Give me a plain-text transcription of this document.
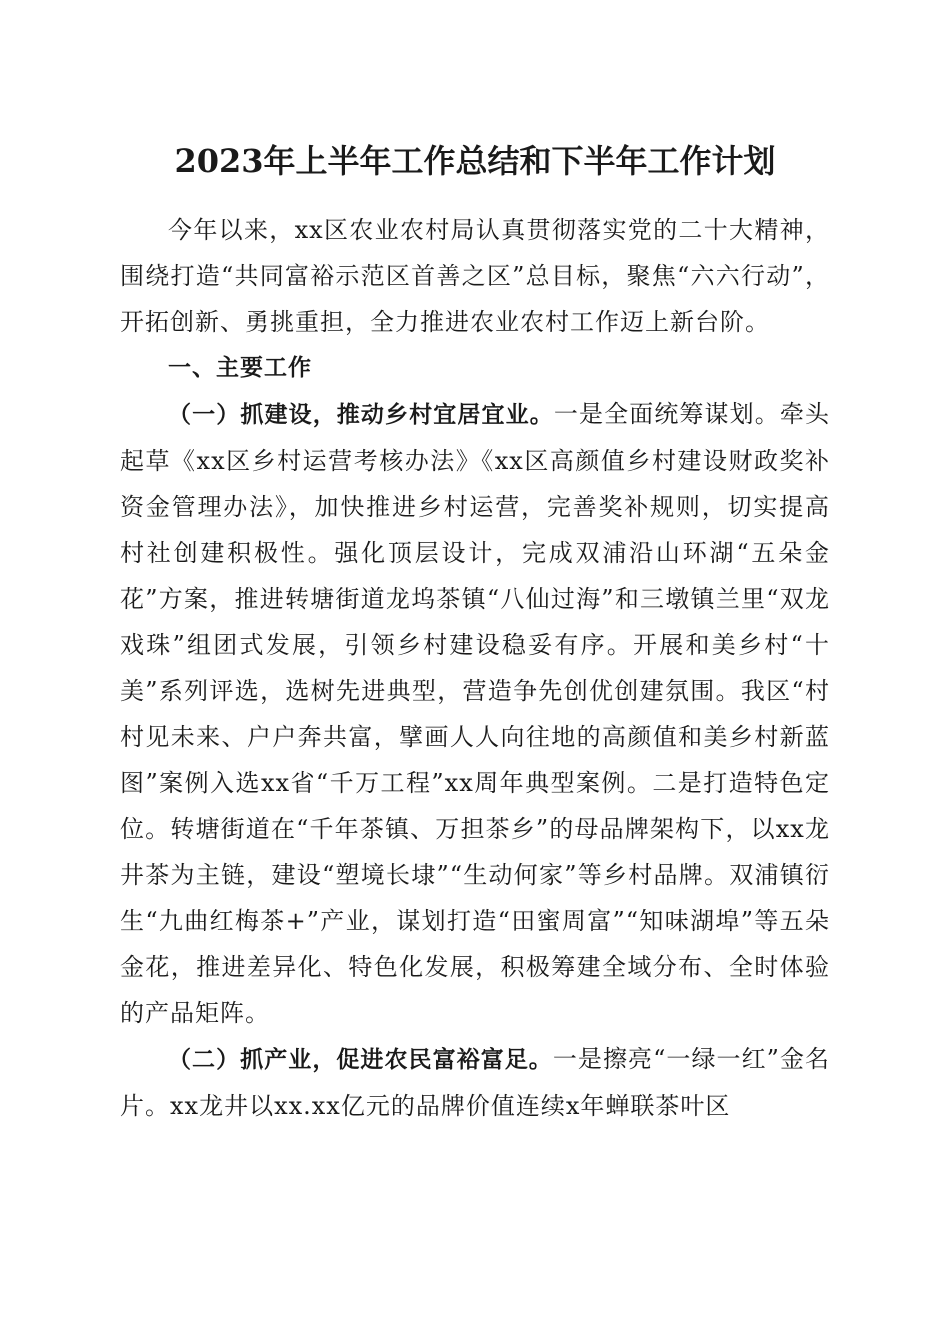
2023年上半年工作总结和下半年工作计划

今年以来，xx区农业农村局认真贯彻落实党的二十大精神，围绕打造“共同富裕示范区首善之区”总目标，聚焦“六六行动”，开拓创新、勇挑重担，全力推进农业农村工作迈上新台阶。

一、主要工作

（一）抓建设，推动乡村宜居宜业。一是全面统筹谋划。牵头起草《xx区乡村运营考核办法》《xx区高颜值乡村建设财政奖补资金管理办法》，加快推进乡村运营，完善奖补规则，切实提高村社创建积极性。强化顶层设计，完成双浦沿山环湖“五朵金花”方案，推进转塘街道龙坞茶镇“八仙过海”和三墩镇兰里“双龙戏珠”组团式发展，引领乡村建设稳妥有序。开展和美乡村“十美”系列评选，选树先进典型，营造争先创优创建氛围。我区“村村见未来、户户奔共富，擘画人人向往地的高颜值和美乡村新蓝图”案例入选xx省“千万工程”xx周年典型案例。二是打造特色定位。转塘街道在“千年茶镇、万担茶乡”的母品牌架构下，以xx龙井茶为主链，建设“塑境长埭”“生动何家”等乡村品牌。双浦镇衍生“九曲红梅茶+”产业，谋划打造“田蜜周富”“知味湖埠”等五朵金花，推进差异化、特色化发展，积极筹建全域分布、全时体验的产品矩阵。

（二）抓产业，促进农民富裕富足。一是擦亮“一绿一红”金名片。xx龙井以xx.xx亿元的品牌价值连续x年蝉联茶叶区
